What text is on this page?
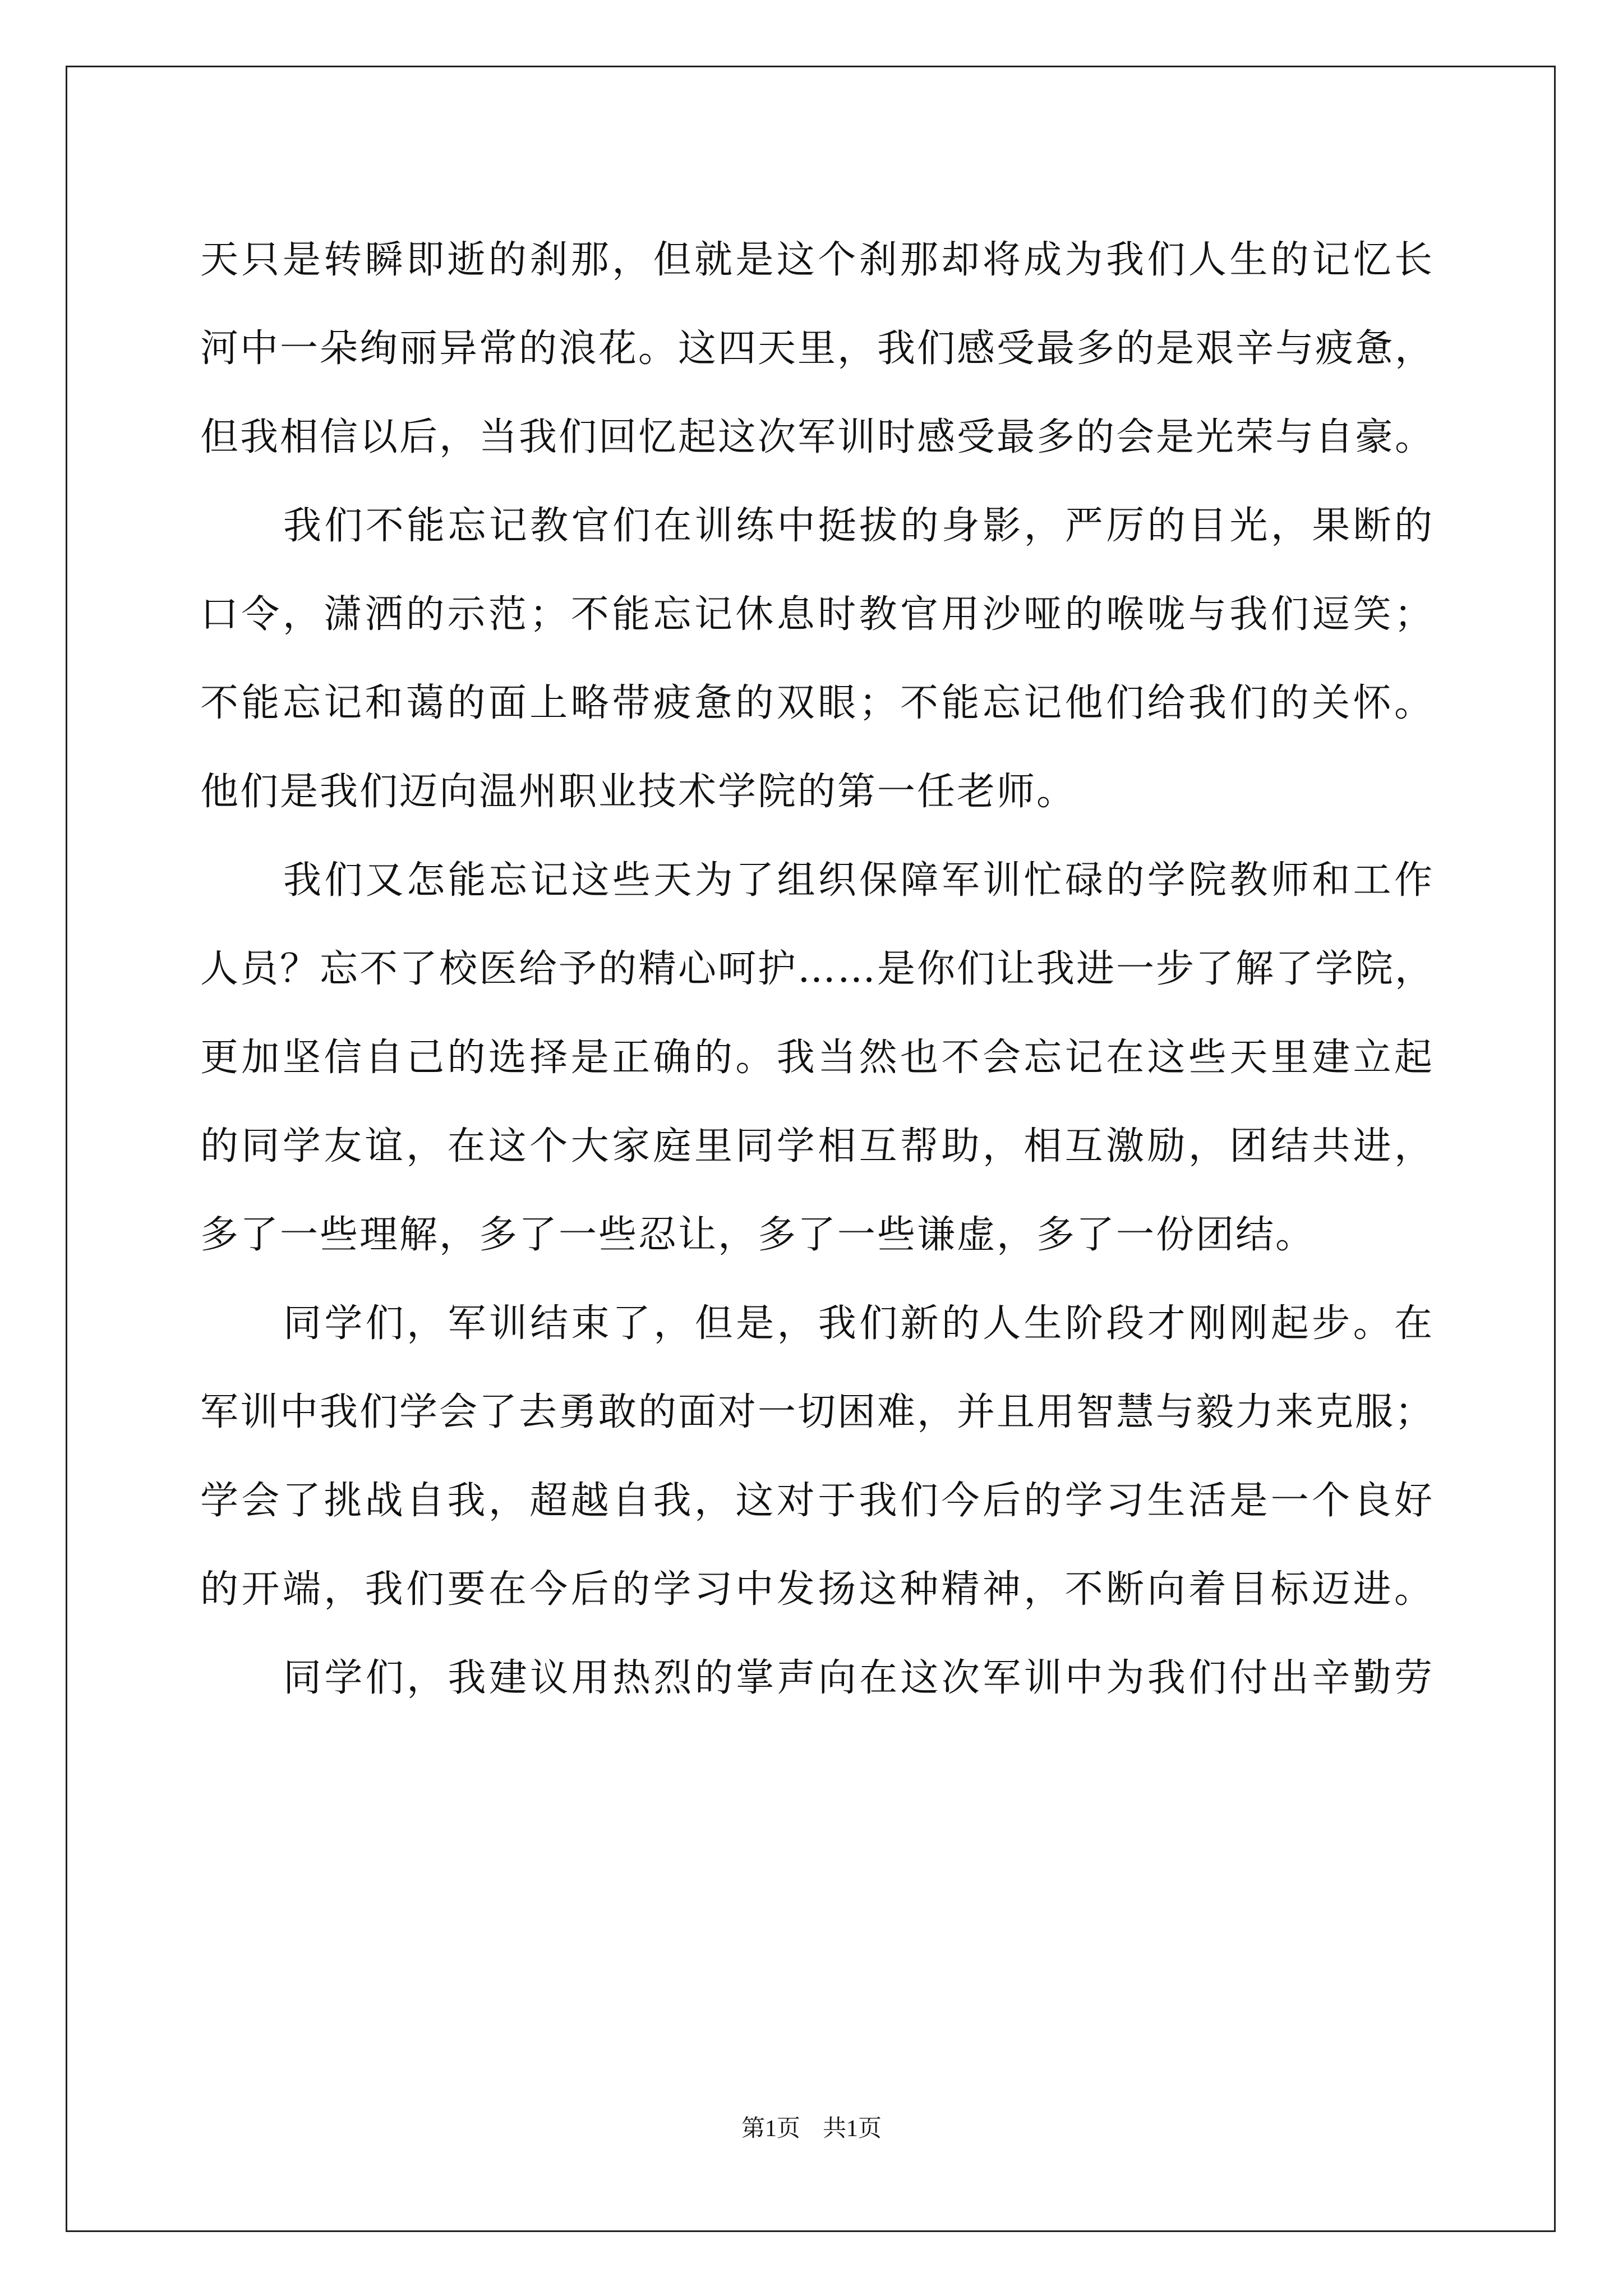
天只是转瞬即逝的刹那，但就是这个刹那却将成为我们人生的记忆长
河中一朵绚丽异常的浪花。这四天里，我们感受最多的是艰辛与疲惫，
但我相信以后，当我们回忆起这次军训时感受最多的会是光荣与自豪。
我们不能忘记教官们在训练中挺拔的身影，严厉的目光，果断的
口令，潇洒的示范；不能忘记休息时教官用沙哑的喉咙与我们逗笑；
不能忘记和蔼的面上略带疲惫的双眼；不能忘记他们给我们的关怀。
他们是我们迈向温州职业技术学院的第一任老师。
我们又怎能忘记这些天为了组织保障军训忙碌的学院教师和工作
人员？忘不了校医给予的精心呵护……是你们让我进一步了解了学院，
更加坚信自己的选择是正确的。我当然也不会忘记在这些天里建立起
的同学友谊，在这个大家庭里同学相互帮助，相互激励，团结共进，
多了一些理解，多了一些忍让，多了一些谦虚，多了一份团结。
同学们，军训结束了，但是，我们新的人生阶段才刚刚起步。在
军训中我们学会了去勇敢的面对一切困难，并且用智慧与毅力来克服；
学会了挑战自我，超越自我，这对于我们今后的学习生活是一个良好
的开端，我们要在今后的学习中发扬这种精神，不断向着目标迈进。
同学们，我建议用热烈的掌声向在这次军训中为我们付出辛勤劳
第1页 共1页
